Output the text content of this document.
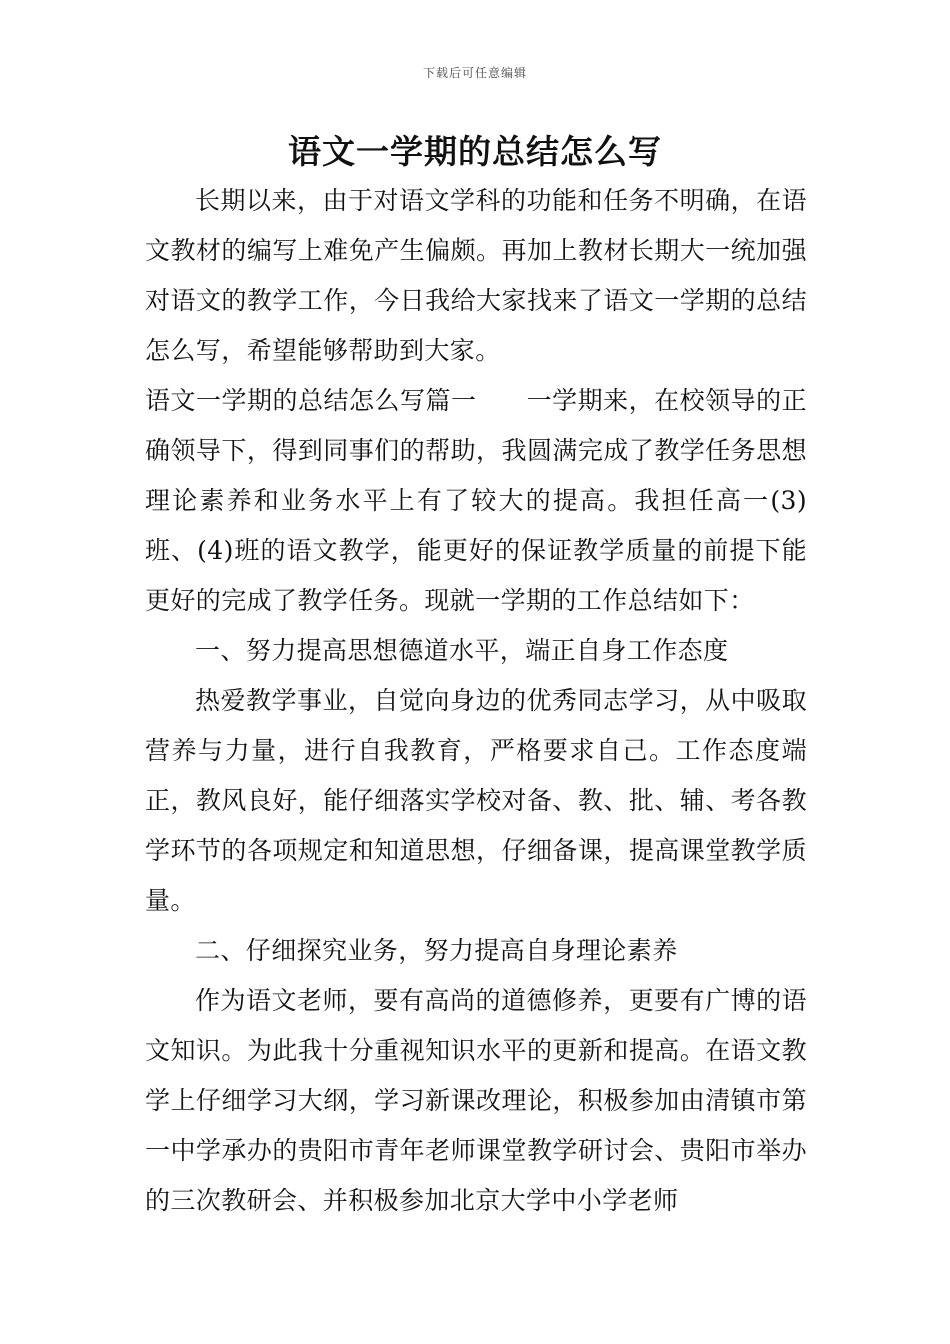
下载后可任意编辑
语文一学期的总结怎么写

长期以来，由于对语文学科的功能和任务不明确，在语文教材的编写上难免产生偏颇。再加上教材长期大一统加强对语文的教学工作，今日我给大家找来了语文一学期的总结怎么写，希望能够帮助到大家。

语文一学期的总结怎么写篇一 一学期来，在校领导的正确领导下，得到同事们的帮助，我圆满完成了教学任务思想理论素养和业务水平上有了较大的提高。我担任高一(3)班、(4)班的语文教学，能更好的保证教学质量的前提下能更好的完成了教学任务。现就一学期的工作总结如下：

一、努力提高思想德道水平，端正自身工作态度

热爱教学事业，自觉向身边的优秀同志学习，从中吸取营养与力量，进行自我教育，严格要求自己。工作态度端正，教风良好，能仔细落实学校对备、教、批、辅、考各教学环节的各项规定和知道思想，仔细备课，提高课堂教学质量。

二、仔细探究业务，努力提高自身理论素养

作为语文老师，要有高尚的道德修养，更要有广博的语文知识。为此我十分重视知识水平的更新和提高。在语文教学上仔细学习大纲，学习新课改理论，积极参加由清镇市第一中学承办的贵阳市青年老师课堂教学研讨会、贵阳市举办的三次教研会、并积极参加北京大学中小学老师
